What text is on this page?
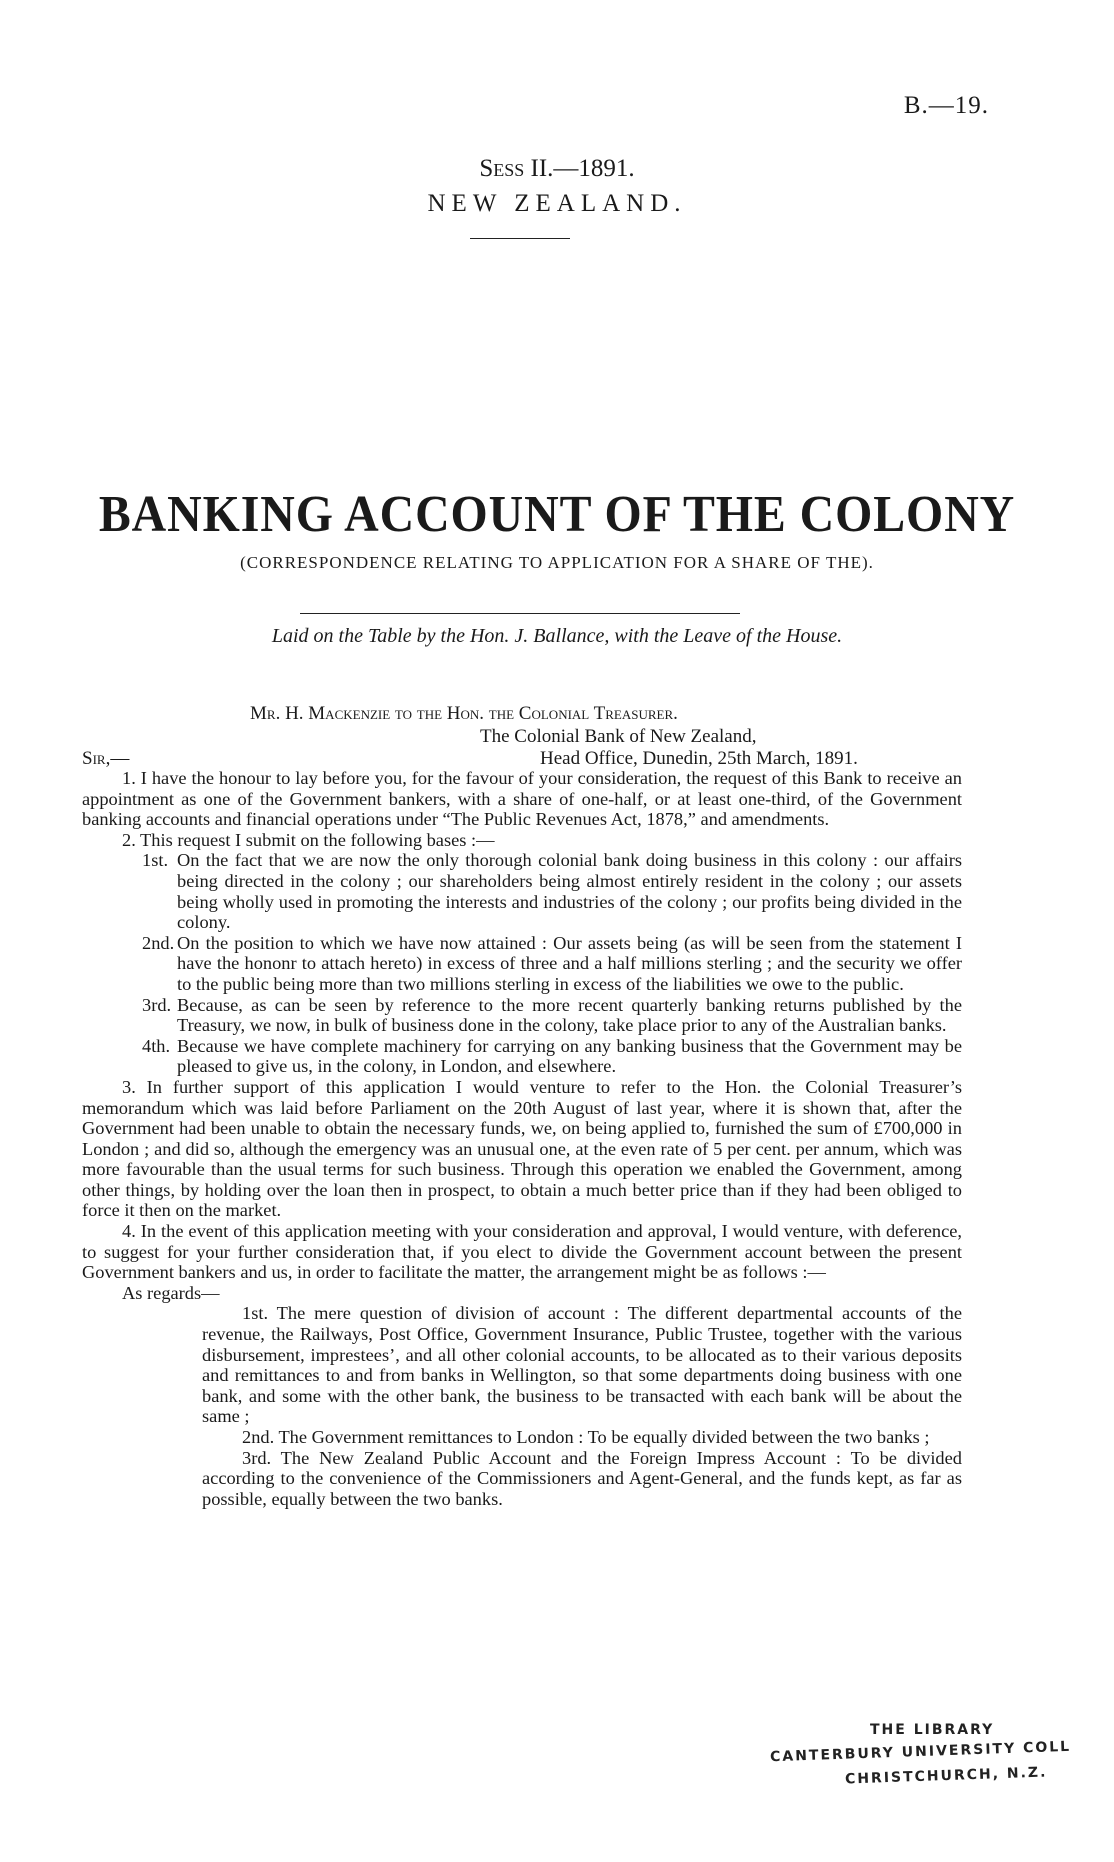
B.—19.
Sess II.—1891.
NEW ZEALAND.
BANKING ACCOUNT OF THE COLONY
(CORRESPONDENCE RELATING TO APPLICATION FOR A SHARE OF THE).
Laid on the Table by the Hon. J. Ballance, with the Leave of the House.
Mr. H. Mackenzie to the Hon. the Colonial Treasurer.
The Colonial Bank of New Zealand,
Head Office, Dunedin, 25th March, 1891.
Sir,—

1. I have the honour to lay before you, for the favour of your consideration, the request of this Bank to receive an appointment as one of the Government bankers, with a share of one-half, or at least one-third, of the Government banking accounts and financial operations under “The Public Revenues Act, 1878,” and amendments.

2. This request I submit on the following bases :—

1st. On the fact that we are now the only thorough colonial bank doing business in this colony : our affairs being directed in the colony ; our shareholders being almost entirely resident in the colony ; our assets being wholly used in promoting the interests and industries of the colony ; our profits being divided in the colony.

2nd. On the position to which we have now attained : Our assets being (as will be seen from the statement I have the hononr to attach hereto) in excess of three and a half millions sterling ; and the security we offer to the public being more than two millions sterling in excess of the liabilities we owe to the public.

3rd. Because, as can be seen by reference to the more recent quarterly banking returns published by the Treasury, we now, in bulk of business done in the colony, take place prior to any of the Australian banks.

4th. Because we have complete machinery for carrying on any banking business that the Government may be pleased to give us, in the colony, in London, and elsewhere.

3. In further support of this application I would venture to refer to the Hon. the Colonial Treasurer’s memorandum which was laid before Parliament on the 20th August of last year, where it is shown that, after the Government had been unable to obtain the necessary funds, we, on being applied to, furnished the sum of £700,000 in London ; and did so, although the emergency was an unusual one, at the even rate of 5 per cent. per annum, which was more favourable than the usual terms for such business. Through this operation we enabled the Government, among other things, by holding over the loan then in prospect, to obtain a much better price than if they had been obliged to force it then on the market.

4. In the event of this application meeting with your consideration and approval, I would venture, with deference, to suggest for your further consideration that, if you elect to divide the Government account between the present Government bankers and us, in order to facilitate the matter, the arrangement might be as follows :—

As regards—

1st. The mere question of division of account : The different departmental accounts of the revenue, the Railways, Post Office, Government Insurance, Public Trustee, together with the various disbursement, imprestees’, and all other colonial accounts, to be allocated as to their various deposits and remittances to and from banks in Wellington, so that some departments doing business with one bank, and some with the other bank, the business to be transacted with each bank will be about the same ;

2nd. The Government remittances to London : To be equally divided between the two banks ;

3rd. The New Zealand Public Account and the Foreign Impress Account : To be divided according to the convenience of the Commissioners and Agent-General, and the funds kept, as far as possible, equally between the two banks.

THE LIBRARY
CANTERBURY UNIVERSITY COLL
CHRISTCHURCH, N.Z.
